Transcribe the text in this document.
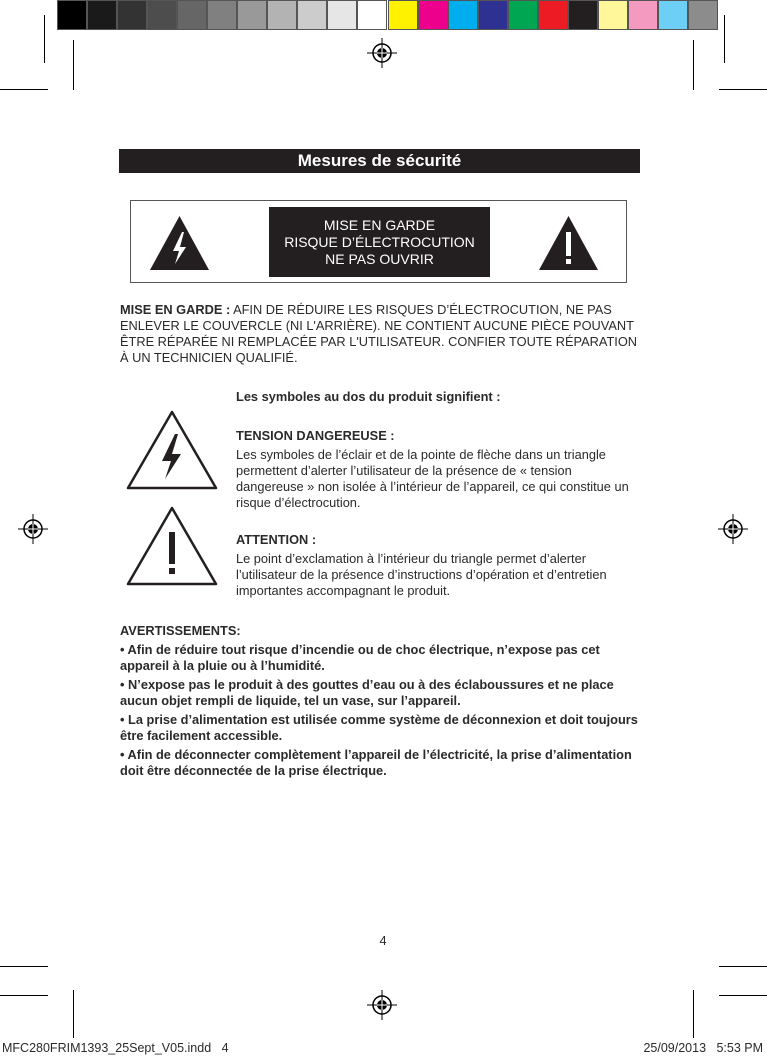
Mesures de sécurité
MISE EN GARDE
RISQUE D’ÉLECTROCUTION
NE PAS OUVRIR
MISE EN GARDE : AFIN DE RÉDUIRE LES RISQUES D’ÉLECTROCUTION, NE PAS ENLEVER LE COUVERCLE (NI L'ARRIÈRE). NE CONTIENT AUCUNE PIÈCE POUVANT ÊTRE RÉPARÉE NI REMPLACÉE PAR L'UTILISATEUR. CONFIER TOUTE RÉPARATION À UN TECHNICIEN QUALIFIÉ.
Les symboles au dos du produit signifient :
TENSION DANGEREUSE :
Les symboles de l’éclair et de la pointe de flèche dans un triangle permettent d’alerter l’utilisateur de la présence de « tension dangereuse » non isolée à l’intérieur de l’appareil, ce qui constitue un risque d’électrocution.
ATTENTION :
Le point d’exclamation à l’intérieur du triangle permet d’alerter l’utilisateur de la présence d’instructions d’opération et d’entretien importantes accompagnant le produit.
AVERTISSEMENTS:
• Afin de réduire tout risque d’incendie ou de choc électrique, n’expose pas cet appareil à la pluie ou à l’humidité.
• N’expose pas le produit à des gouttes d’eau ou à des éclaboussures et ne place aucun objet rempli de liquide, tel un vase, sur l’appareil.
• La prise d’alimentation est utilisée comme système de déconnexion et doit toujours être facilement accessible.
• Afin de déconnecter complètement l’appareil de l’électricité, la prise d’alimentation doit être déconnectée de la prise électrique.
4
MFC280FRIM1393_25Sept_V05.indd   4	25/09/2013   5:53 PM
